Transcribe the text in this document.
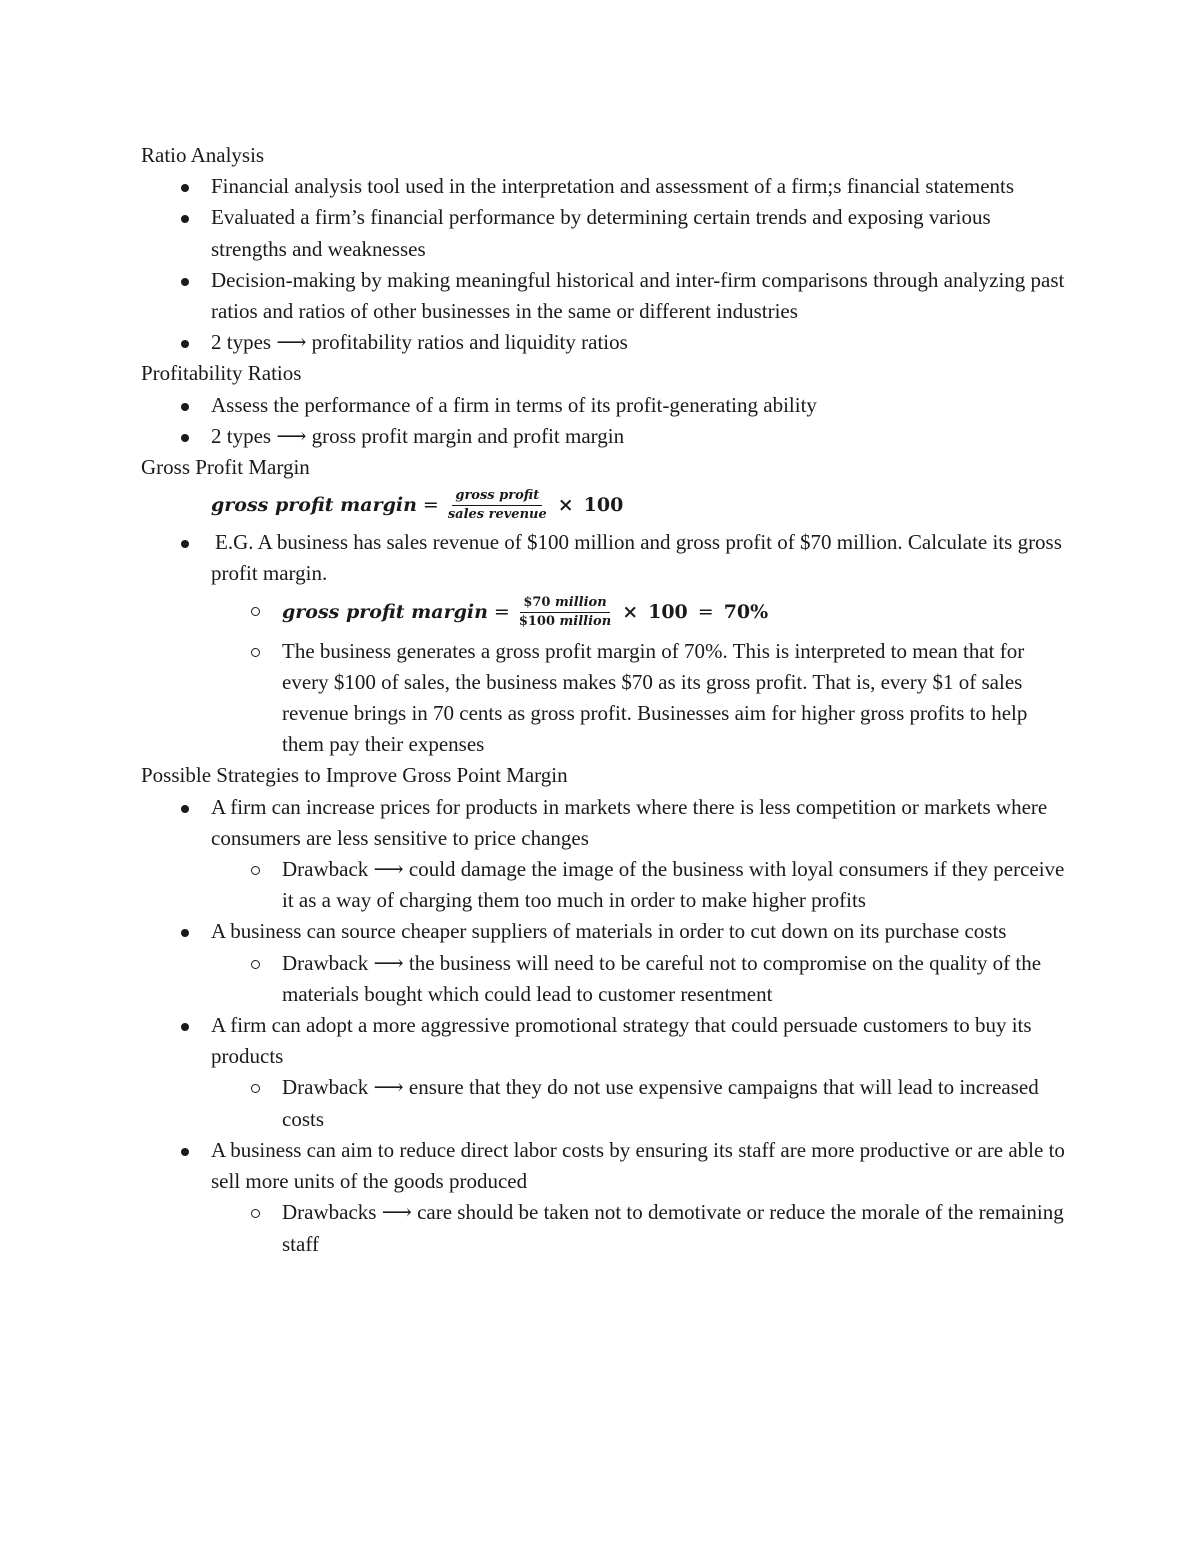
Ratio Analysis

Financial analysis tool used in the interpretation and assessment of a firm;s financial statements
Evaluated a firm’s financial performance by determining certain trends and exposing various strengths and weaknesses
Decision-making by making meaningful historical and inter-firm comparisons through analyzing past ratios and ratios of other businesses in the same or different industries
2 types ⟶ profitability ratios and liquidity ratios

Profitability Ratios

Assess the performance of a firm in terms of its profit-generating ability
2 types ⟶ gross profit margin and profit margin

Gross Profit Margin

gross profit margin = $\frac{\text{gross profit}}{\text{sales revenue}} \times 100$
E.G. A business has sales revenue of $100 million and gross profit of $70 million. Calculate its gross profit margin.
gross profit margin = $\frac{\text{\$70 million}}{\text{\$100 million}} \times 100 = 70\%$
The business generates a gross profit margin of 70%. This is interpreted to mean that for every $100 of sales, the business makes $70 as its gross profit. That is, every $1 of sales revenue brings in 70 cents as gross profit. Businesses aim for higher gross profits to help them pay their expenses

Possible Strategies to Improve Gross Point Margin

A firm can increase prices for products in markets where there is less competition or markets where consumers are less sensitive to price changes
Drawback ⟶ could damage the image of the business with loyal consumers if they perceive it as a way of charging them too much in order to make higher profits
A business can source cheaper suppliers of materials in order to cut down on its purchase costs
Drawback ⟶ the business will need to be careful not to compromise on the quality of the materials bought which could lead to customer resentment
A firm can adopt a more aggressive promotional strategy that could persuade customers to buy its products
Drawback ⟶ ensure that they do not use expensive campaigns that will lead to increased costs
A business can aim to reduce direct labor costs by ensuring its staff are more productive or are able to sell more units of the goods produced
Drawbacks ⟶ care should be taken not to demotivate or reduce the morale of the remaining staff
